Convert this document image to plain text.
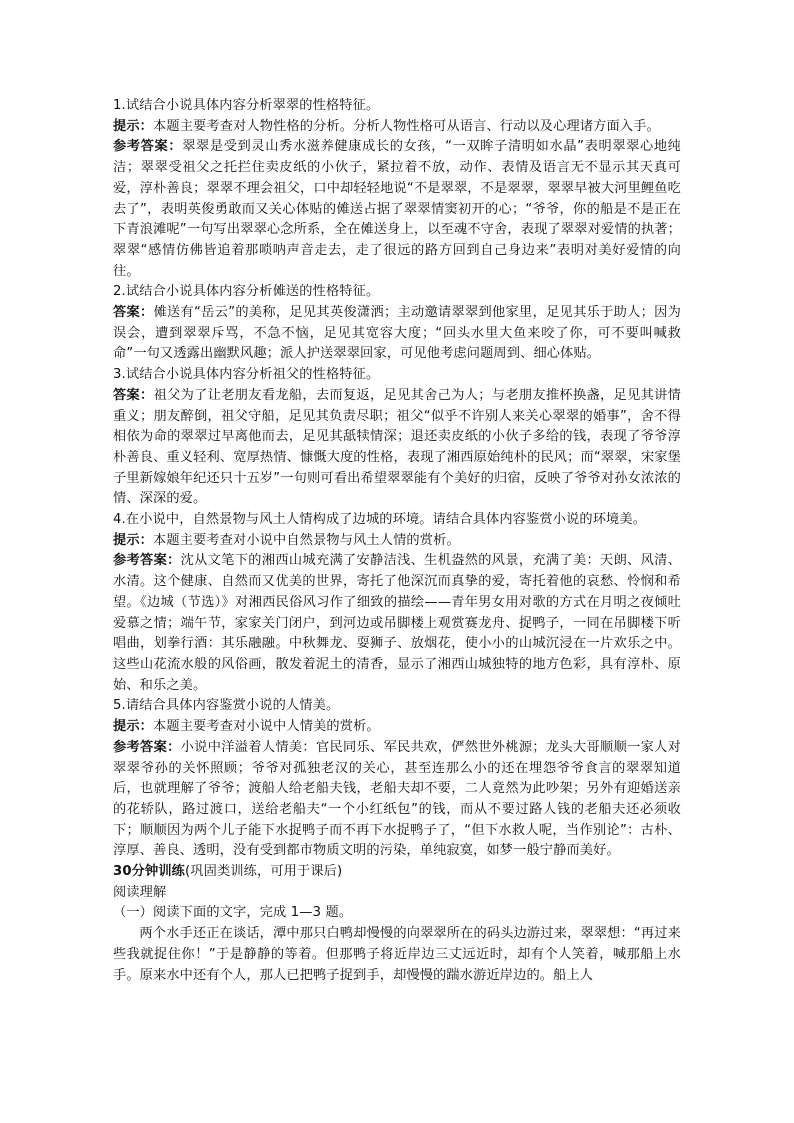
1.试结合小说具体内容分析翠翠的性格特征。

提示：本题主要考查对人物性格的分析。分析人物性格可从语言、行动以及心理诸方面入手。

参考答案：翠翠是受到灵山秀水滋养健康成长的女孩，“一双眸子清明如水晶”表明翠翠心地纯洁；翠翠受祖父之托拦住卖皮纸的小伙子，紧拉着不放，动作、表情及语言无不显示其天真可爱，淳朴善良；翠翠不理会祖父，口中却轻轻地说“不是翠翠，不是翠翠，翠翠早被大河里鲤鱼吃去了”，表明英俊勇敢而又关心体贴的傩送占据了翠翠情窦初开的心；“爷爷，你的船是不是正在下青浪滩呢”一句写出翠翠心念所系，全在傩送身上，以至魂不守舍，表现了翠翠对爱情的执著；翠翠“感情仿佛皆追着那唢呐声音走去，走了很远的路方回到自己身边来”表明对美好爱情的向往。

2.试结合小说具体内容分析傩送的性格特征。

答案：傩送有“岳云”的美称，足见其英俊潇洒；主动邀请翠翠到他家里，足见其乐于助人；因为误会，遭到翠翠斥骂，不急不恼，足见其宽容大度；“回头水里大鱼来咬了你，可不要叫喊救命”一句又透露出幽默风趣；派人护送翠翠回家，可见他考虑问题周到、细心体贴。

3.试结合小说具体内容分析祖父的性格特征。

答案：祖父为了让老朋友看龙船，去而复返，足见其舍己为人；与老朋友推杯换盏，足见其讲情重义；朋友醉倒，祖父守船，足见其负责尽职；祖父“似乎不许别人来关心翠翠的婚事”，舍不得相依为命的翠翠过早离他而去，足见其舐犊情深；退还卖皮纸的小伙子多给的钱，表现了爷爷淳朴善良、重义轻利、宽厚热情、慷慨大度的性格，表现了湘西原始纯朴的民风；而“翠翠，宋家堡子里新嫁娘年纪还只十五岁”一句则可看出希望翠翠能有个美好的归宿，反映了爷爷对孙女浓浓的情、深深的爱。

4.在小说中，自然景物与风土人情构成了边城的环境。请结合具体内容鉴赏小说的环境美。

提示：本题主要考查对小说中自然景物与风土人情的赏析。

参考答案：沈从文笔下的湘西山城充满了安静洁浅、生机盎然的风景，充满了美：天朗、风清、水清。这个健康、自然而又优美的世界，寄托了他深沉而真挚的爱，寄托着他的哀愁、怜悯和希望。《边城（节选）》对湘西民俗风习作了细致的描绘——青年男女用对歌的方式在月明之夜倾吐爱慕之情；端午节，家家关门闭户，到河边或吊脚楼上观赏赛龙舟、捉鸭子，一同在吊脚楼下听唱曲，划拳行酒：其乐融融。中秋舞龙、耍狮子、放烟花，使小小的山城沉浸在一片欢乐之中。这些山花流水般的风俗画，散发着泥土的清香，显示了湘西山城独特的地方色彩，具有淳朴、原始、和乐之美。

5.请结合具体内容鉴赏小说的人情美。

提示：本题主要考查对小说中人情美的赏析。

参考答案：小说中洋溢着人情美：官民同乐、军民共欢，俨然世外桃源；龙头大哥顺顺一家人对翠翠爷孙的关怀照顾；爷爷对孤独老汉的关心，甚至连那么小的还在埋怨爷爷食言的翠翠知道后，也就理解了爷爷；渡船人给老船夫钱，老船夫却不要，二人竟然为此吵架；另外有迎婚送亲的花轿队，路过渡口，送给老船夫“一个小红纸包”的钱，而从不要过路人钱的老船夫还必须收下；顺顺因为两个儿子能下水捉鸭子而不再下水捉鸭子了，“但下水救人呢，当作别论”：古朴、淳厚、善良、透明，没有受到都市物质文明的污染，单纯寂寞，如梦一般宁静而美好。

30分钟训练(巩固类训练，可用于课后)

阅读理解

（一）阅读下面的文字，完成 1—3 题。

两个水手还正在谈话，潭中那只白鸭却慢慢的向翠翠所在的码头边游过来，翠翠想：“再过来些我就捉住你！”于是静静的等着。但那鸭子将近岸边三丈远近时，却有个人笑着，喊那船上水手。原来水中还有个人，那人已把鸭子捉到手，却慢慢的踹水游近岸边的。船上人
